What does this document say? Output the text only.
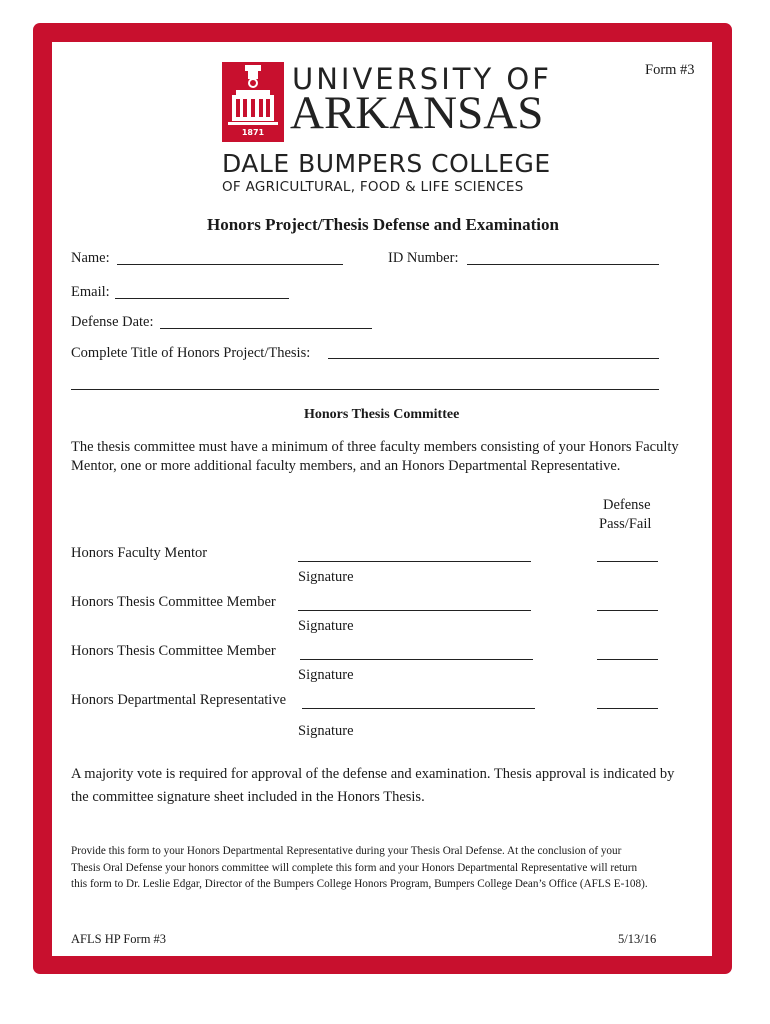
Form #3
1871
UNIVERSITY OF
ARKANSAS
DALE BUMPERS COLLEGE
OF AGRICULTURAL, FOOD & LIFE SCIENCES
Honors Project/Thesis Defense and Examination
Name:	ID Number:
Email:
Defense Date:
Complete Title of Honors Project/Thesis:
Honors Thesis Committee
The thesis committee must have a minimum of three faculty members consisting of your Honors Faculty
Mentor, one or more additional faculty members, and an Honors Departmental Representative.
Defense
Pass/Fail
Honors Faculty Mentor
Signature
Honors Thesis Committee Member
Signature
Honors Thesis Committee Member
Signature
Honors Departmental Representative
Signature
A majority vote is required for approval of the defense and examination. Thesis approval is indicated by
the committee signature sheet included in the Honors Thesis.
Provide this form to your Honors Departmental Representative during your Thesis Oral Defense. At the conclusion of your
Thesis Oral Defense your honors committee will complete this form and your Honors Departmental Representative will return
this form to Dr. Leslie Edgar, Director of the Bumpers College Honors Program, Bumpers College Dean’s Office (AFLS E-108).
AFLS HP Form #3	5/13/16
